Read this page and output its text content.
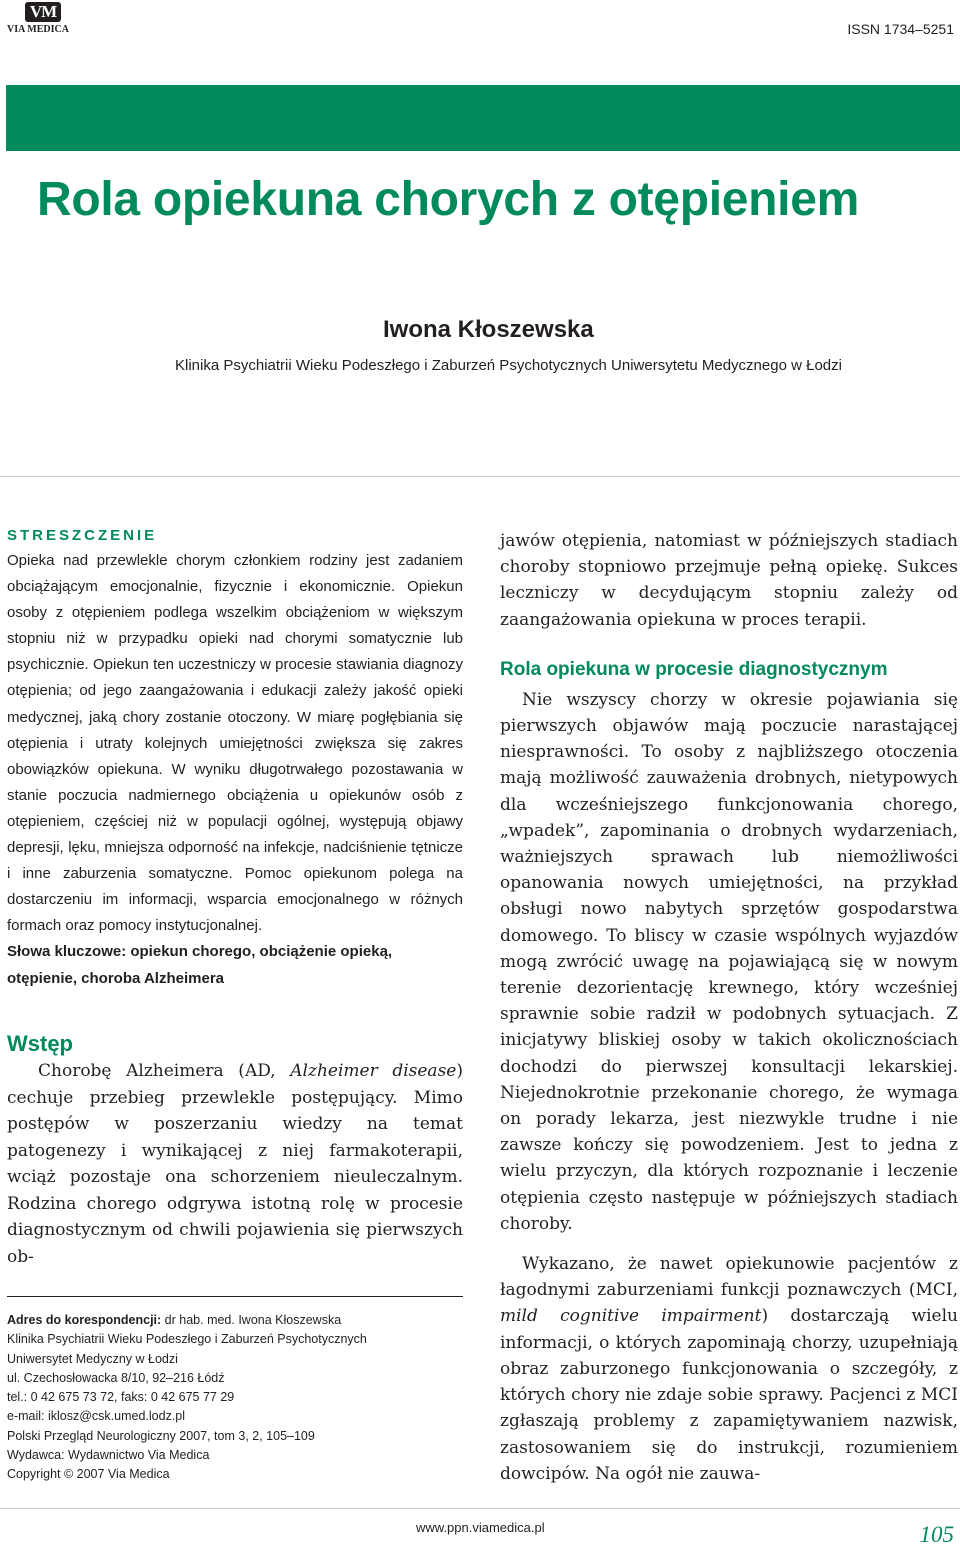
VM
VIA MEDICA	ISSN 1734–5251
Rola opiekuna chorych z otępieniem
Iwona Kłoszewska
Klinika Psychiatrii Wieku Podeszłego i Zaburzeń Psychotycznych Uniwersytetu Medycznego w Łodzi
STRESZCZENIE
Opieka nad przewlekle chorym członkiem rodziny jest zadaniem obciążającym emocjonalnie, fizycznie i ekonomicznie. Opiekun osoby z otępieniem podlega wszelkim obciążeniom w większym stopniu niż w przypadku opieki nad chorymi somatycznie lub psychicznie. Opiekun ten uczestniczy w procesie stawiania diagnozy otępienia; od jego zaangażowania i edukacji zależy jakość opieki medycznej, jaką chory zostanie otoczony. W miarę pogłębiania się otępienia i utraty kolejnych umiejętności zwiększa się zakres obowiązków opiekuna. W wyniku długotrwałego pozostawania w stanie poczucia nadmiernego obciążenia u opiekunów osób z otępieniem, częściej niż w populacji ogólnej, występują objawy depresji, lęku, mniejsza odporność na infekcje, nadciśnienie tętnicze i inne zaburzenia somatyczne. Pomoc opiekunom polega na dostarczeniu im informacji, wsparcia emocjonalnego w różnych formach oraz pomocy instytucjonalnej.
Słowa kluczowe: opiekun chorego, obciążenie opieką, otępienie, choroba Alzheimera
Wstęp
Chorobę Alzheimera (AD, Alzheimer disease) cechuje przebieg przewlekle postępujący. Mimo postępów w poszerzaniu wiedzy na temat patogenezy i wynikającej z niej farmakoterapii, wciąż pozostaje ona schorzeniem nieuleczalnym. Rodzina chorego odgrywa istotną rolę w procesie diagnostycznym od chwili pojawienia się pierwszych ob-
Adres do korespondencji: dr hab. med. Iwona Kłoszewska
Klinika Psychiatrii Wieku Podeszłego i Zaburzeń Psychotycznych
Uniwersytet Medyczny w Łodzi
ul. Czechosłowacka 8/10, 92–216 Łódź
tel.: 0 42 675 73 72, faks: 0 42 675 77 29
e-mail: iklosz@csk.umed.lodz.pl
Polski Przegląd Neurologiczny 2007, tom 3, 2, 105–109
Wydawca: Wydawnictwo Via Medica
Copyright © 2007 Via Medica

jawów otępienia, natomiast w późniejszych stadiach choroby stopniowo przejmuje pełną opiekę. Sukces leczniczy w decydującym stopniu zależy od zaangażowania opiekuna w proces terapii.

Rola opiekuna w procesie diagnostycznym

Nie wszyscy chorzy w okresie pojawiania się pierwszych objawów mają poczucie narastającej niesprawności. To osoby z najbliższego otoczenia mają możliwość zauważenia drobnych, nietypowych dla wcześniejszego funkcjonowania chorego, „wpadek”, zapominania o drobnych wydarzeniach, ważniejszych sprawach lub niemożliwości opanowania nowych umiejętności, na przykład obsługi nowo nabytych sprzętów gospodarstwa domowego. To bliscy w czasie wspólnych wyjazdów mogą zwrócić uwagę na pojawiającą się w nowym terenie dezorientację krewnego, który wcześniej sprawnie sobie radził w podobnych sytuacjach. Z inicjatywy bliskiej osoby w takich okolicznościach dochodzi do pierwszej konsultacji lekarskiej. Niejednokrotnie przekonanie chorego, że wymaga on porady lekarza, jest niezwykle trudne i nie zawsze kończy się powodzeniem. Jest to jedna z wielu przyczyn, dla których rozpoznanie i leczenie otępienia często następuje w późniejszych stadiach choroby.

Wykazano, że nawet opiekunowie pacjentów z łagodnymi zaburzeniami funkcji poznawczych (MCI, mild cognitive impairment) dostarczają wielu informacji, o których zapominają chorzy, uzupełniają obraz zaburzonego funkcjonowania o szczegóły, z których chory nie zdaje sobie sprawy. Pacjenci z MCI zgłaszają problemy z zapamiętywaniem nazwisk, zastosowaniem się do instrukcji, rozumieniem dowcipów. Na ogół nie zauwa-

www.ppn.viamedica.pl	105
